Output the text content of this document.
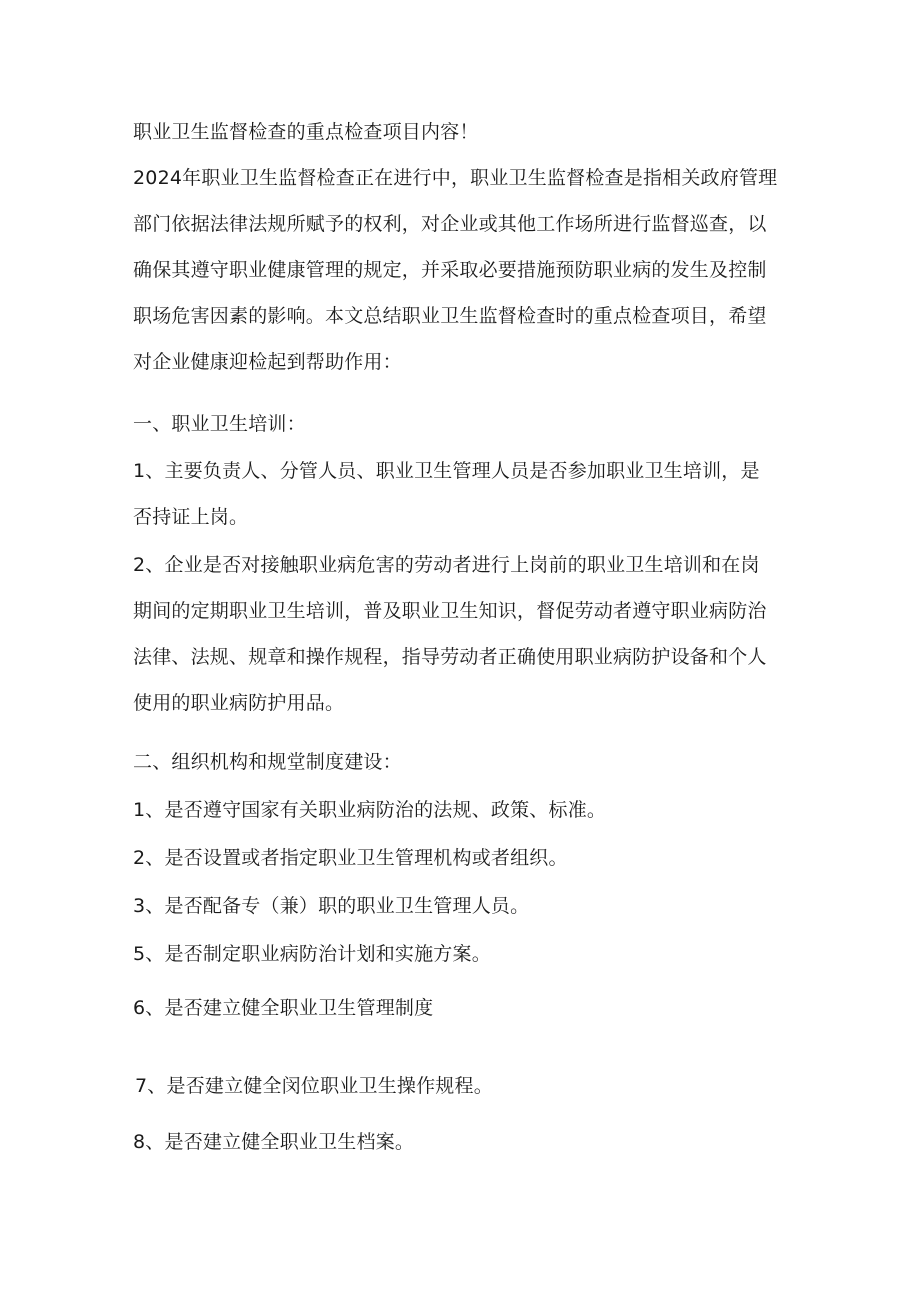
职业卫生监督检查的重点检查项目内容！
2024年职业卫生监督检查正在进行中，职业卫生监督检查是指相关政府管理
部门依据法律法规所赋予的权利，对企业或其他工作场所进行监督巡查，以
确保其遵守职业健康管理的规定，并采取必要措施预防职业病的发生及控制
职场危害因素的影响。本文总结职业卫生监督检查时的重点检查项目，希望
对企业健康迎检起到帮助作用：
一、职业卫生培训：
1、主要负责人、分管人员、职业卫生管理人员是否参加职业卫生培训，是
否持证上岗。
2、企业是否对接触职业病危害的劳动者进行上岗前的职业卫生培训和在岗
期间的定期职业卫生培训，普及职业卫生知识，督促劳动者遵守职业病防治
法律、法规、规章和操作规程，指导劳动者正确使用职业病防护设备和个人
使用的职业病防护用品。
二、组织机构和规堂制度建设：
1、是否遵守国家有关职业病防治的法规、政策、标准。
2、是否设置或者指定职业卫生管理机构或者组织。
3、是否配备专（兼）职的职业卫生管理人员。
5、是否制定职业病防治计划和实施方案。
6、是否建立健全职业卫生管理制度
7、是否建立健全闵位职业卫生操作规程。
8、是否建立健全职业卫生档案。
